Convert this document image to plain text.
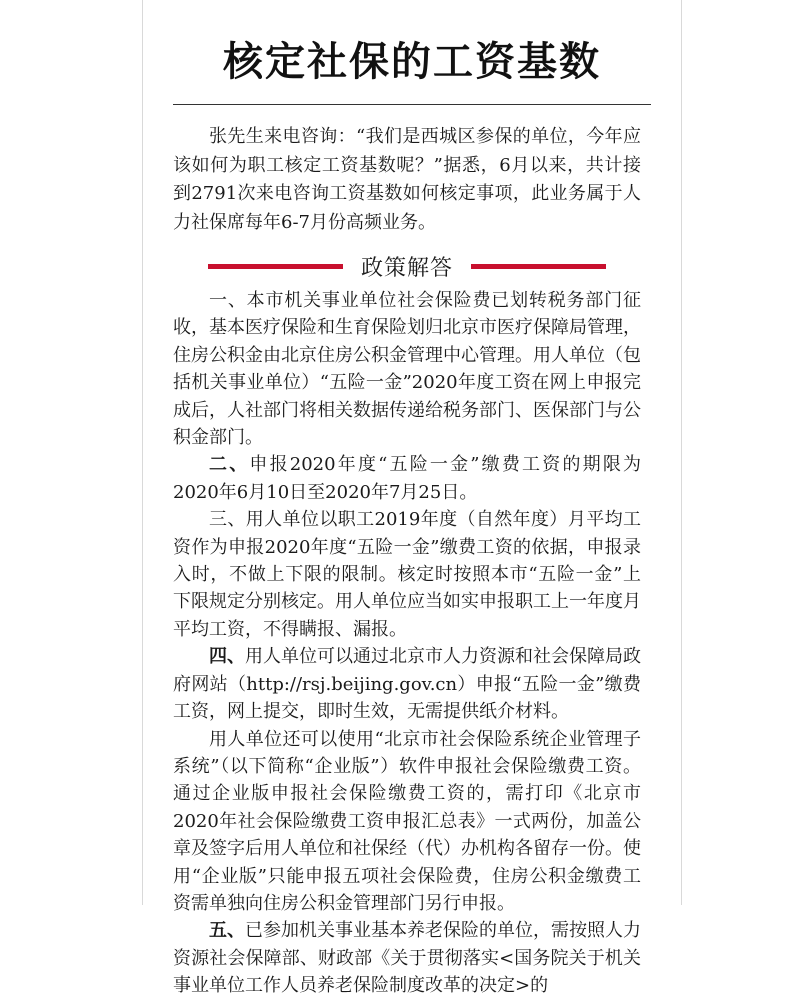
核定社保的工资基数

张先生来电咨询：“我们是西城区参保的单位，今年应该如何为职工核定工资基数呢？”据悉，6月以来，共计接到2791次来电咨询工资基数如何核定事项，此业务属于人力社保席每年6-7月份高频业务。

政策解答

一、本市机关事业单位社会保险费已划转税务部门征收，基本医疗保险和生育保险划归北京市医疗保障局管理，住房公积金由北京住房公积金管理中心管理。用人单位（包括机关事业单位）“五险一金”2020年度工资在网上申报完成后，人社部门将相关数据传递给税务部门、医保部门与公积金部门。

二、申报2020年度“五险一金”缴费工资的期限为2020年6月10日至2020年7月25日。

三、用人单位以职工2019年度（自然年度）月平均工资作为申报2020年度“五险一金”缴费工资的依据，申报录入时，不做上下限的限制。核定时按照本市“五险一金”上下限规定分别核定。用人单位应当如实申报职工上一年度月平均工资，不得瞒报、漏报。

四、用人单位可以通过北京市人力资源和社会保障局政府网站（http://rsj.beijing.gov.cn）申报“五险一金”缴费工资，网上提交，即时生效，无需提供纸介材料。

用人单位还可以使用“北京市社会保险系统企业管理子系统”（以下简称“企业版”）软件申报社会保险缴费工资。通过企业版申报社会保险缴费工资的，需打印《北京市2020年社会保险缴费工资申报汇总表》一式两份，加盖公章及签字后用人单位和社保经（代）办机构各留存一份。使用“企业版”只能申报五项社会保险费，住房公积金缴费工资需单独向住房公积金管理部门另行申报。

五、已参加机关事业基本养老保险的单位，需按照人力资源社会保障部、财政部《关于贯彻落实<国务院关于机关事业单位工作人员养老保险制度改革的决定>的
